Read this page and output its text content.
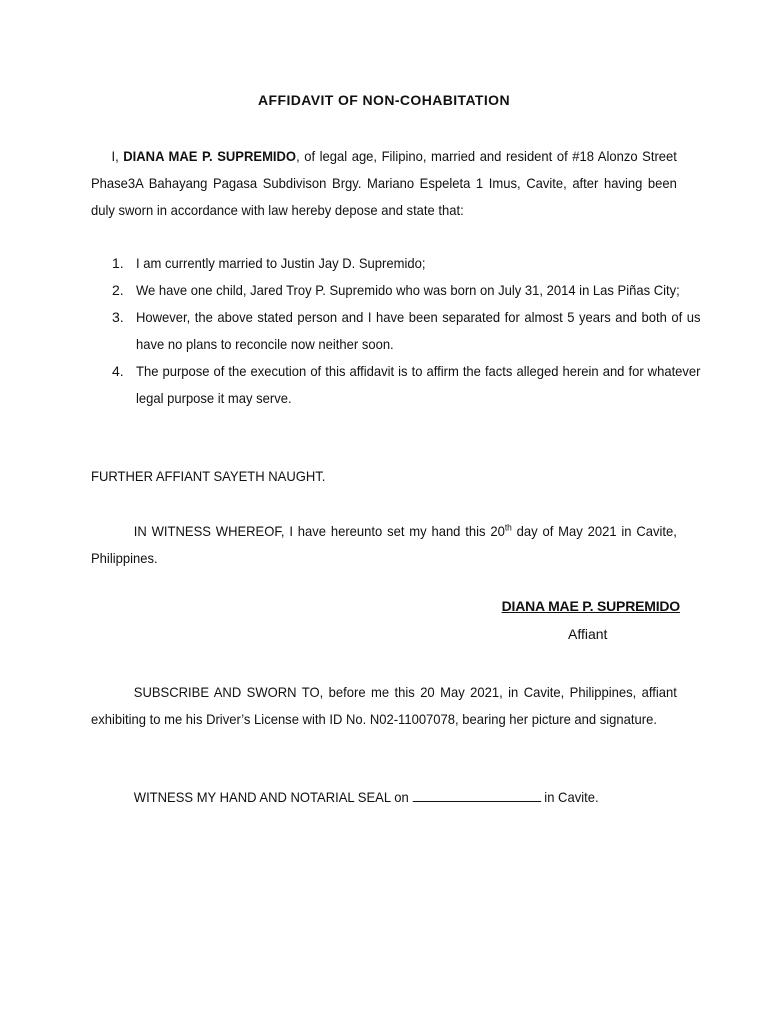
AFFIDAVIT OF NON-COHABITATION

I, DIANA MAE P. SUPREMIDO, of legal age, Filipino, married and resident of #18 Alonzo Street Phase3A Bahayang Pagasa Subdivison Brgy. Mariano Espeleta 1 Imus, Cavite, after having been duly sworn in accordance with law hereby depose and state that:

1. I am currently married to Justin Jay D. Supremido;
2. We have one child, Jared Troy P. Supremido who was born on July 31, 2014 in Las Piñas City;
3. However, the above stated person and I have been separated for almost 5 years and both of us have no plans to reconcile now neither soon.
4. The purpose of the execution of this affidavit is to affirm the facts alleged herein and for whatever legal purpose it may serve.

FURTHER AFFIANT SAYETH NAUGHT.

IN WITNESS WHEREOF, I have hereunto set my hand this 20th day of May 2021 in Cavite, Philippines.

DIANA MAE P. SUPREMIDO

Affiant

SUBSCRIBE AND SWORN TO, before me this 20 May 2021, in Cavite, Philippines, affiant exhibiting to me his Driver’s License with ID No. N02-11007078, bearing her picture and signature.

WITNESS MY HAND AND NOTARIAL SEAL on	in Cavite.
